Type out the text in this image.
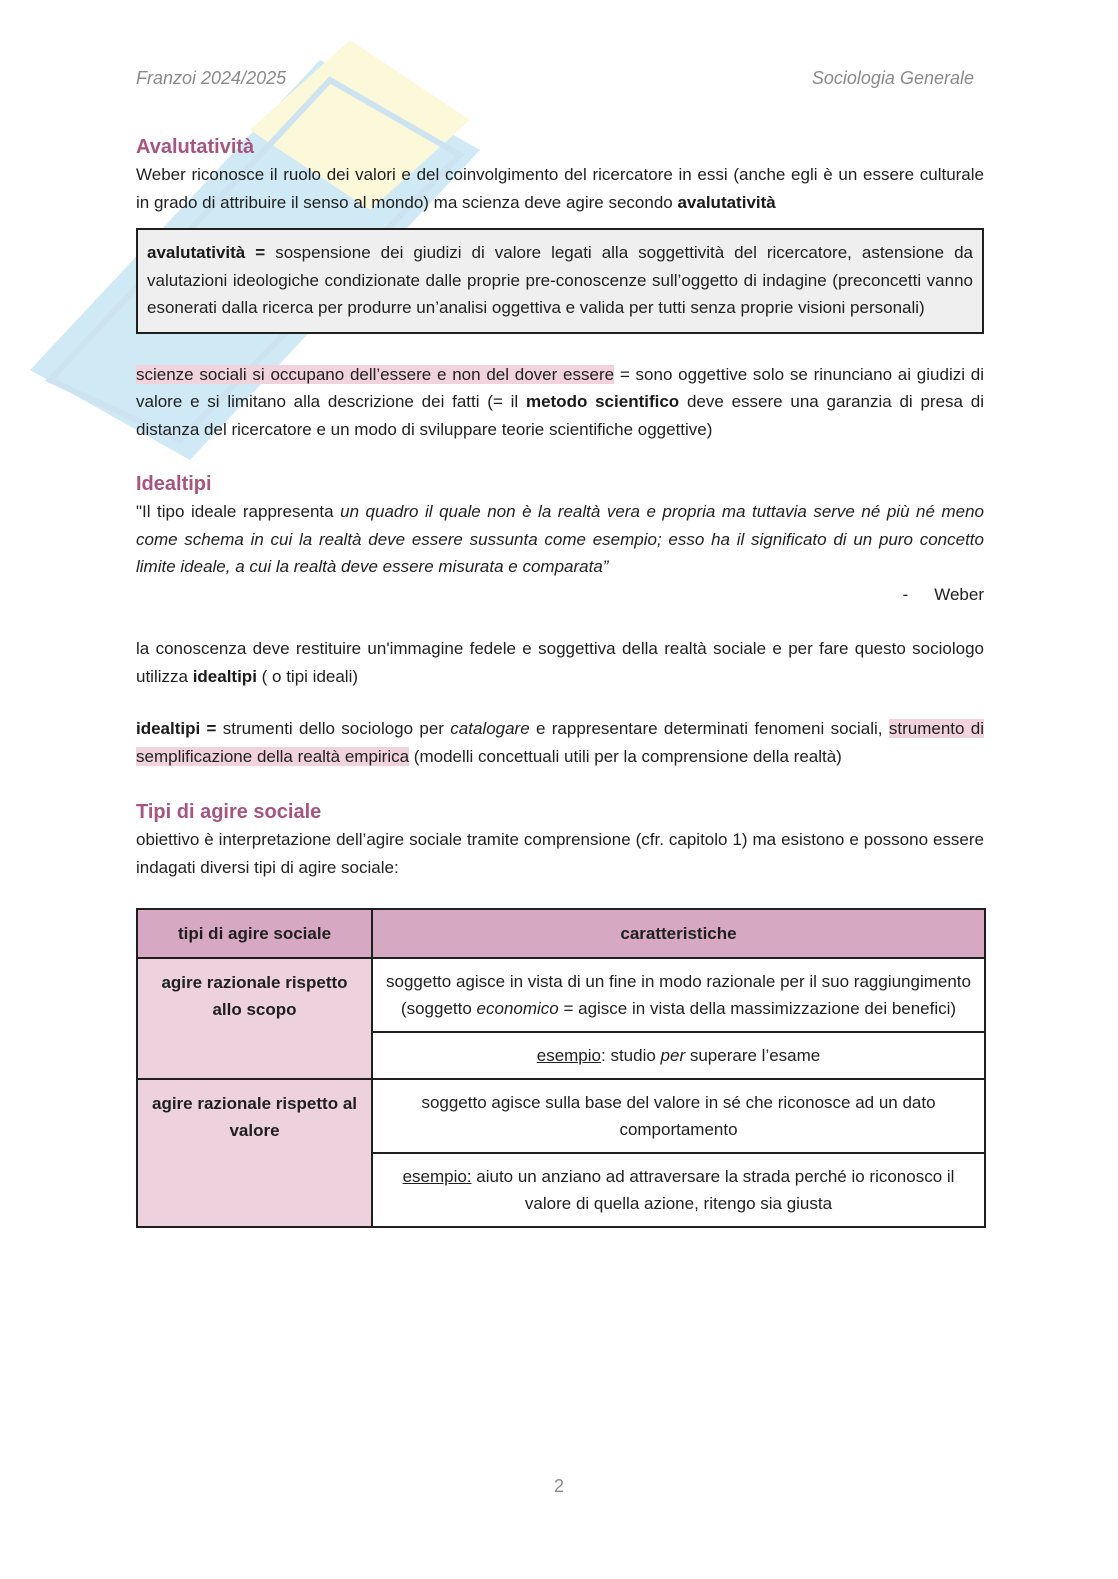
Franzoi 2024/2025	Sociologia Generale
Avalutatività

Weber riconosce il ruolo dei valori e del coinvolgimento del ricercatore in essi (anche egli è un essere culturale in grado di attribuire il senso al mondo) ma scienza deve agire secondo avalutatività

avalutatività = sospensione dei giudizi di valore legati alla soggettività del ricercatore, astensione da valutazioni ideologiche condizionate dalle proprie pre-conoscenze sull’oggetto di indagine (preconcetti vanno esonerati dalla ricerca per produrre un’analisi oggettiva e valida per tutti senza proprie visioni personali)

scienze sociali si occupano dell’essere e non del dover essere = sono oggettive solo se rinunciano ai giudizi di valore e si limitano alla descrizione dei fatti (= il metodo scientifico deve essere una garanzia di presa di distanza del ricercatore e un modo di sviluppare teorie scientifiche oggettive)

Idealtipi

"Il tipo ideale rappresenta un quadro il quale non è la realtà vera e propria ma tuttavia serve né più né meno come schema in cui la realtà deve essere sussunta come esempio; esso ha il significato di un puro concetto limite ideale, a cui la realtà deve essere misurata e comparata”

- Weber

la conoscenza deve restituire un'immagine fedele e soggettiva della realtà sociale e per fare questo sociologo utilizza idealtipi ( o tipi ideali)

idealtipi = strumenti dello sociologo per catalogare e rappresentare determinati fenomeni sociali, strumento di semplificazione della realtà empirica (modelli concettuali utili per la comprensione della realtà)

Tipi di agire sociale

obiettivo è interpretazione dell’agire sociale tramite comprensione (cfr. capitolo 1) ma esistono e possono essere indagati diversi tipi di agire sociale:

tipi di agire sociale	caratteristiche
agire razionale rispetto allo scopo	soggetto agisce in vista di un fine in modo razionale per il suo raggiungimento (soggetto economico = agisce in vista della massimizzazione dei benefici)
	esempio: studio per superare l’esame
agire razionale rispetto al valore	soggetto agisce sulla base del valore in sé che riconosce ad un dato comportamento
	esempio: aiuto un anziano ad attraversare la strada perché io riconosco il valore di quella azione, ritengo sia giusta
2
